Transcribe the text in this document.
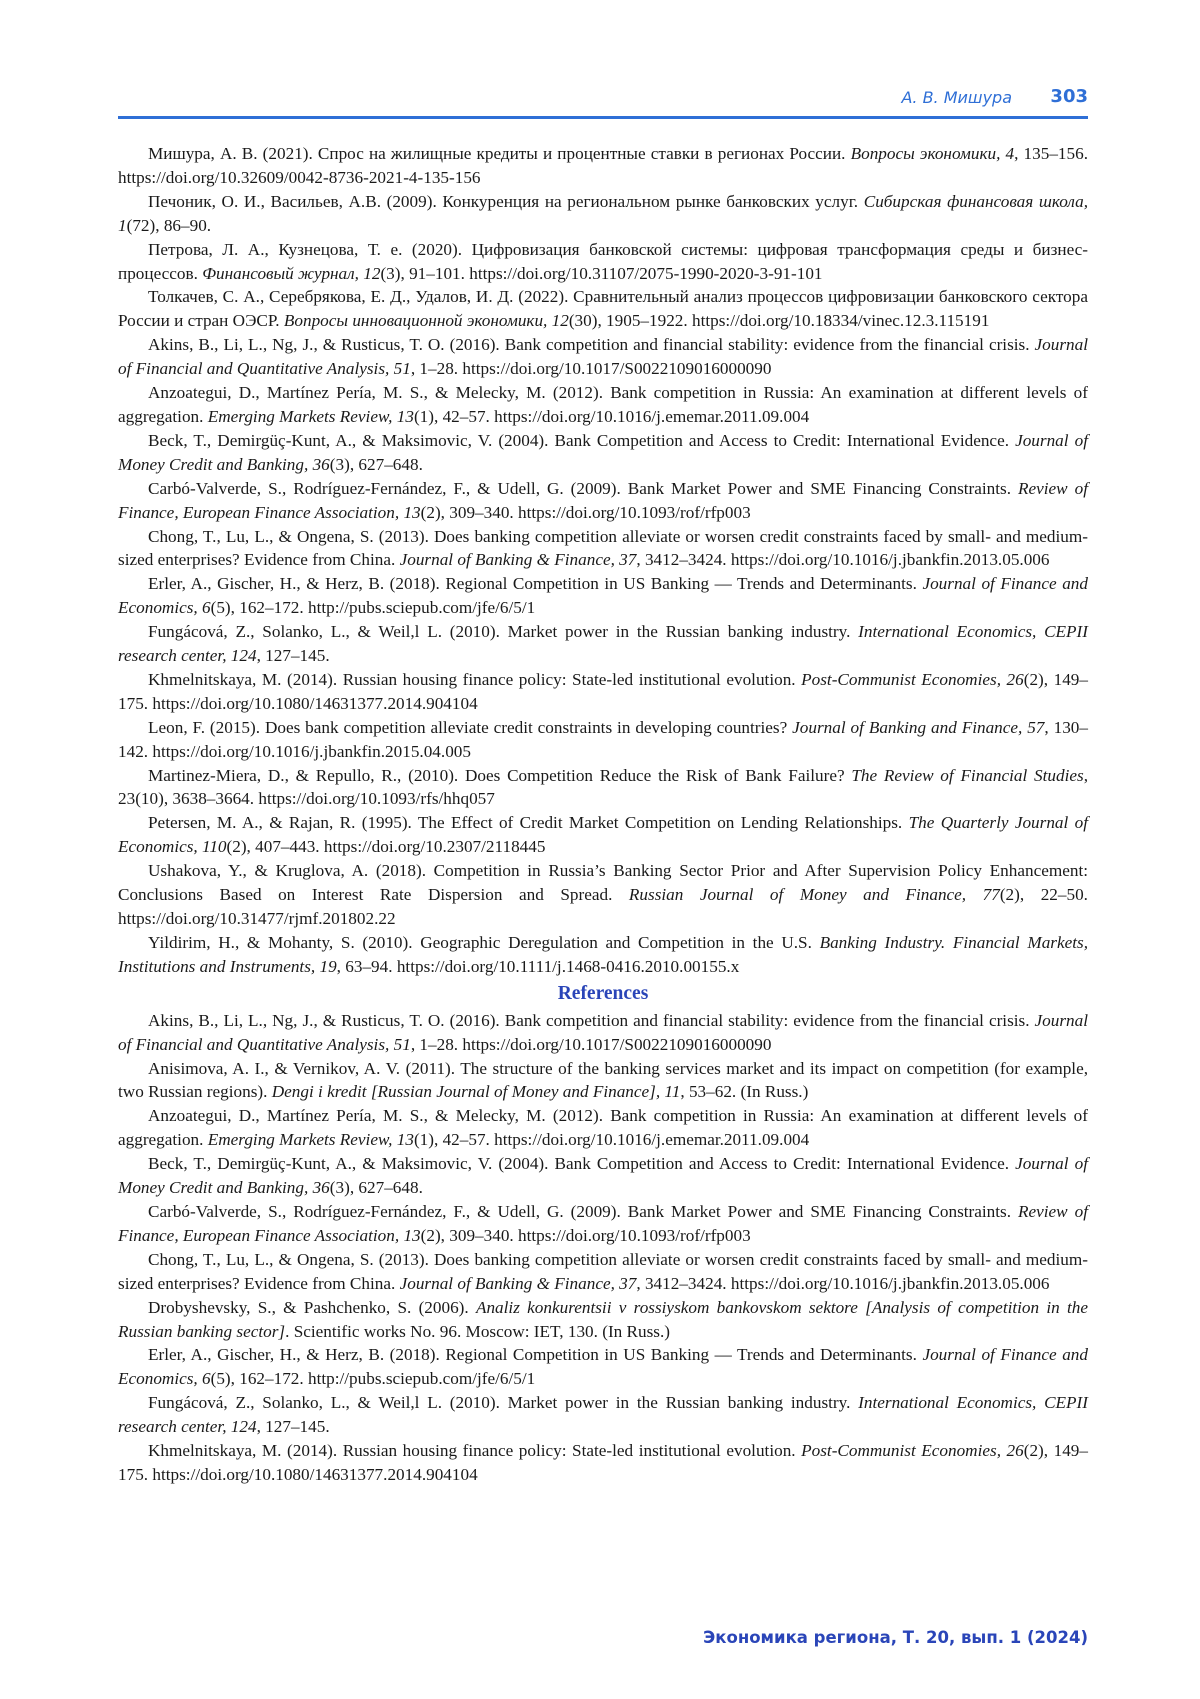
А. В. Мишура 303

Мишура, А. В. (2021). Спрос на жилищные кредиты и процентные ставки в регионах России. Вопросы экономики, 4, 135–156. https://doi.org/10.32609/0042-8736-2021-4-135-156

Печоник, О. И., Васильев, А.В. (2009). Конкуренция на региональном рынке банковских услуг. Сибирская финансовая школа, 1(72), 86–90.

Петрова, Л. А., Кузнецова, Т. е. (2020). Цифровизация банковской системы: цифровая трансформация среды и бизнес-процессов. Финансовый журнал, 12(3), 91–101. https://doi.org/10.31107/2075-1990-2020-3-91-101

Толкачев, С. А., Серебрякова, Е. Д., Удалов, И. Д. (2022). Сравнительный анализ процессов цифровизации банковского сектора России и стран ОЭСР. Вопросы инновационной экономики, 12(30), 1905–1922. https://doi.org/10.18334/vinec.12.3.115191

Akins, B., Li, L., Ng, J., & Rusticus, T. O. (2016). Bank competition and financial stability: evidence from the financial crisis. Journal of Financial and Quantitative Analysis, 51, 1–28. https://doi.org/10.1017/S0022109016000090

Anzoategui, D., Martínez Pería, M. S., & Melecky, M. (2012). Bank competition in Russia: An examination at different levels of aggregation. Emerging Markets Review, 13(1), 42–57. https://doi.org/10.1016/j.ememar.2011.09.004

Beck, T., Demirgüç-Kunt, A., & Maksimovic, V. (2004). Bank Competition and Access to Credit: International Evidence. Journal of Money Credit and Banking, 36(3), 627–648.

Carbó-Valverde, S., Rodríguez-Fernández, F., & Udell, G. (2009). Bank Market Power and SME Financing Constraints. Review of Finance, European Finance Association, 13(2), 309–340. https://doi.org/10.1093/rof/rfp003

Chong, T., Lu, L., & Ongena, S. (2013). Does banking competition alleviate or worsen credit constraints faced by small- and medium-sized enterprises? Evidence from China. Journal of Banking & Finance, 37, 3412–3424. https://doi.org/10.1016/j.jbankfin.2013.05.006

Erler, A., Gischer, H., & Herz, B. (2018). Regional Competition in US Banking — Trends and Determinants. Journal of Finance and Economics, 6(5), 162–172. http://pubs.sciepub.com/jfe/6/5/1

Fungácová, Z., Solanko, L., & Weil,l L. (2010). Market power in the Russian banking industry. International Economics, CEPII research center, 124, 127–145.

Khmelnitskaya, M. (2014). Russian housing finance policy: State-led institutional evolution. Post-Communist Economies, 26(2), 149–175. https://doi.org/10.1080/14631377.2014.904104

Leon, F. (2015). Does bank competition alleviate credit constraints in developing countries? Journal of Banking and Finance, 57, 130–142. https://doi.org/10.1016/j.jbankfin.2015.04.005

Martinez-Miera, D., & Repullo, R., (2010). Does Competition Reduce the Risk of Bank Failure? The Review of Financial Studies, 23(10), 3638–3664. https://doi.org/10.1093/rfs/hhq057

Petersen, M. A., & Rajan, R. (1995). The Effect of Credit Market Competition on Lending Relationships. The Quarterly Journal of Economics, 110(2), 407–443. https://doi.org/10.2307/2118445

Ushakova, Y., & Kruglova, A. (2018). Competition in Russia’s Banking Sector Prior and After Supervision Policy Enhancement: Conclusions Based on Interest Rate Dispersion and Spread. Russian Journal of Money and Finance, 77(2), 22–50. https://doi.org/10.31477/rjmf.201802.22

Yildirim, H., & Mohanty, S. (2010). Geographic Deregulation and Competition in the U.S. Banking Industry. Financial Markets, Institutions and Instruments, 19, 63–94. https://doi.org/10.1111/j.1468-0416.2010.00155.x

References

Akins, B., Li, L., Ng, J., & Rusticus, T. O. (2016). Bank competition and financial stability: evidence from the financial crisis. Journal of Financial and Quantitative Analysis, 51, 1–28. https://doi.org/10.1017/S0022109016000090

Anisimova, A. I., & Vernikov, A. V. (2011). The structure of the banking services market and its impact on competition (for example, two Russian regions). Dengi i kredit [Russian Journal of Money and Finance], 11, 53–62. (In Russ.)

Anzoategui, D., Martínez Pería, M. S., & Melecky, M. (2012). Bank competition in Russia: An examination at different levels of aggregation. Emerging Markets Review, 13(1), 42–57. https://doi.org/10.1016/j.ememar.2011.09.004

Beck, T., Demirgüç-Kunt, A., & Maksimovic, V. (2004). Bank Competition and Access to Credit: International Evidence. Journal of Money Credit and Banking, 36(3), 627–648.

Carbó-Valverde, S., Rodríguez-Fernández, F., & Udell, G. (2009). Bank Market Power and SME Financing Constraints. Review of Finance, European Finance Association, 13(2), 309–340. https://doi.org/10.1093/rof/rfp003

Chong, T., Lu, L., & Ongena, S. (2013). Does banking competition alleviate or worsen credit constraints faced by small- and medium-sized enterprises? Evidence from China. Journal of Banking & Finance, 37, 3412–3424. https://doi.org/10.1016/j.jbankfin.2013.05.006

Drobyshevsky, S., & Pashchenko, S. (2006). Analiz konkurentsii v rossiyskom bankovskom sektore [Analysis of competition in the Russian banking sector]. Scientific works No. 96. Moscow: IET, 130. (In Russ.)

Erler, A., Gischer, H., & Herz, B. (2018). Regional Competition in US Banking — Trends and Determinants. Journal of Finance and Economics, 6(5), 162–172. http://pubs.sciepub.com/jfe/6/5/1

Fungácová, Z., Solanko, L., & Weil,l L. (2010). Market power in the Russian banking industry. International Economics, CEPII research center, 124, 127–145.

Khmelnitskaya, M. (2014). Russian housing finance policy: State-led institutional evolution. Post-Communist Economies, 26(2), 149–175. https://doi.org/10.1080/14631377.2014.904104

Экономика региона, Т. 20, вып. 1 (2024)
